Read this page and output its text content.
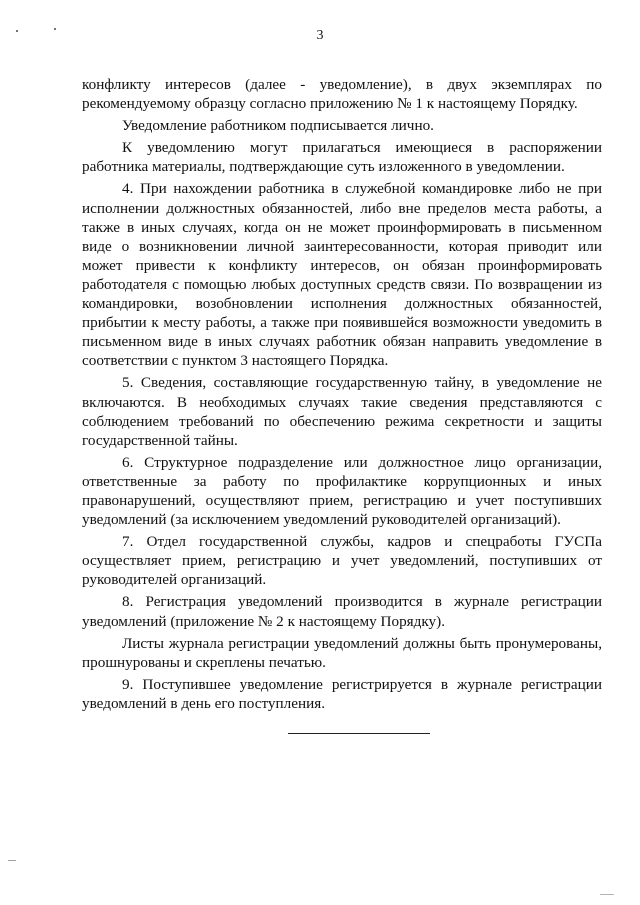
3

конфликту интересов (далее - уведомление), в двух экземплярах по рекомендуемому образцу согласно приложению № 1 к настоящему Порядку.

Уведомление работником подписывается лично.

К уведомлению могут прилагаться имеющиеся в распоряжении работника материалы, подтверждающие суть изложенного в уведомлении.

4. При нахождении работника в служебной командировке либо не при исполнении должностных обязанностей, либо вне пределов места работы, а также в иных случаях, когда он не может проинформировать в письменном виде о возникновении личной заинтересованности, которая приводит или может привести к конфликту интересов, он обязан проинформировать работодателя с помощью любых доступных средств связи. По возвращении из командировки, возобновлении исполнения должностных обязанностей, прибытии к месту работы, а также при появившейся возможности уведомить в письменном виде в иных случаях работник обязан направить уведомление в соответствии с пунктом 3 настоящего Порядка.

5. Сведения, составляющие государственную тайну, в уведомление не включаются. В необходимых случаях такие сведения представляются с соблюдением требований по обеспечению режима секретности и защиты государственной тайны.

6. Структурное подразделение или должностное лицо организации, ответственные за работу по профилактике коррупционных и иных правонарушений, осуществляют прием, регистрацию и учет поступивших уведомлений (за исключением уведомлений руководителей организаций).

7. Отдел государственной службы, кадров и спецработы ГУСПа осуществляет прием, регистрацию и учет уведомлений, поступивших от руководителей организаций.

8. Регистрация уведомлений производится в журнале регистрации уведомлений (приложение № 2 к настоящему Порядку).

Листы журнала регистрации уведомлений должны быть пронумерованы, прошнурованы и скреплены печатью.

9. Поступившее уведомление регистрируется в журнале регистрации уведомлений в день его поступления.
